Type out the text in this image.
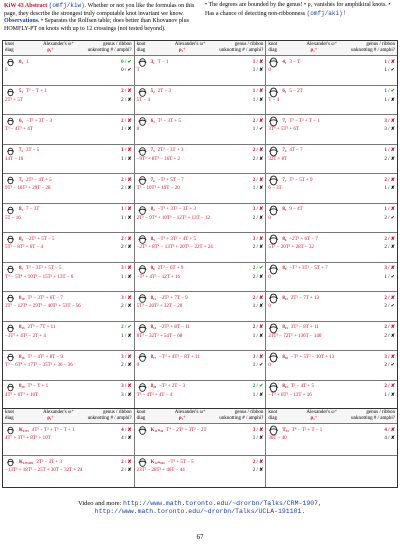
KiW 43 Abstract (omfj/kiw). Whether or not you like the formulas on this page, they describe the strongest truly computable knot invariant we know. Observations. • Separates the Rolfsen table; does better than Khovanov plus HOMFLY-PT on knots with up to 12 crossings (not tested beyond).
• The degrees are bounded by the genus! • ρ₁ vanishes for amphikiral knots. • Has a chance of detecting non-ribbonness (omfj/aki)!
knot	Alexander's ω⁺	genus / ribbon
diag	ρ₁⁺	unknotting # / amphi?
knot	Alexander's ω⁺	genus / ribbon
diag	ρ₁⁺	unknotting # / amphi?
knot	Alexander's ω⁺	genus / ribbon
diag	ρ₁⁺	unknotting # / amphi?
0₁ 1	0 / ✔
0	0 / ✔
3₁ T − 1	1 / ✘
T	1 / ✘
4₁ 3 − T	1 / ✘
0	1 / ✔
5₁ T² − T + 1	2 / ✘
2T³ + 5T	2 / ✘
5₂ 2T − 3	1 / ✘
5T − 4	1 / ✘
6₁ 5 − 2T	1 / ✔
T − 4	1 / ✘
6₂ −T² + 3T − 3	2 / ✘
T³ − 4T² + 4T	1 / ✘
6₃ T² − 3T + 5	2 / ✘
0	1 / ✔
7₁ T³ − T² + T − 1	3 / ✘
3T⁵ + 5T³ + 6T	3 / ✘
7₂ 3T − 5	1 / ✘
14T − 16	1 / ✘
7₃ 2T² − 3T + 3	2 / ✘
−9T³ + 8T² − 16T + 2	2 / ✘
7₄ 4T − 7	1 / ✘
32T + 8T	2 / ✘
7₅ 2T² − 4T + 5	2 / ✘
9T³ − 16T² + 29T − 28	2 / ✘
7₆ −T² + 5T − 7	2 / ✘
T³ − 10T² + 19T − 20	1 / ✘
7₇ T² − 5T + 9	2 / ✘
6 − 3T	1 / ✘
8₁ 7 − 3T	1 / ✘
5T − 16	1 / ✘
8₂ −T³ + 3T² − 3T + 3	3 / ✘
2T⁵ − 9T⁴ + 10T³ − 12T² + 13T − 12	2 / ✘
8₃ 9 − 4T	1 / ✘
0	2 / ✔
8₄ −2T² + 5T − 5	2 / ✘
5T³ − 8T² + 6T − 4	2 / ✘
8₅ −T³ + 3T² − 4T + 5	3 / ✘
−2T⁵ + 8T⁴ − 13T³ + 20T² − 22T + 24	2 / ✘
8₆ −2T² + 6T − 7	2 / ✘
5T³ − 20T² + 28T − 32	2 / ✘
8₇ T³ − 3T² + 5T − 5	3 / ✘
T⁵ − 5T⁴ + 10T³ − 15T² + 13T − 6	1 / ✘
8₈ 2T² − 6T + 9	2 / ✔
−T³ + 4T² − 12T + 16	2 / ✘
8₉ −T³ + 3T² − 5T + 7	3 / ✘
0	1 / ✔
8₁₀ T³ − 3T² + 6T − 7	3 / ✘
3T⁵ − 12T⁴ + 29T³ − 40T² + 53T − 56	2 / ✘
8₁₁ −2T² + 7T − 9	2 / ✘
5T³ − 20T² + 32T − 20	1 / ✘
8₁₂ 2T² − 7T + 13	2 / ✘
0	2 / ✔
8₁₃ 2T² − 7T + 11	2 / ✔
−3T³ + 4T² − 2T + 4	1 / ✘
8₁₄ −2T² + 8T − 11	2 / ✘
8T³ − 32T² + 54T − 68	1 / ✘
8₁₅ 3T² − 8T + 11	2 / ✘
21T³ − 72T² + 136T − 140	2 / ✘
8₁₆ T³ − 4T² + 8T − 9	3 / ✘
T⁵ − 6T⁴ + 17T³ − 35T² + 36 − 36	2 / ✘
8₁₇ −T³ + 4T² − 8T + 11	3 / ✘
0	1 / ✔
8₁₈ −T³ + 5T² − 10T + 13	3 / ✘
0	2 / ✔
8₁₉ T³ − T + 1	3 / ✘
4T⁵ + 6T³ + 10T	3 / ✘
8₂₀ −T² + 2T − 3	2 / ✔
T³ − 4T² + 4T − 4	1 / ✘
8₂₁ T² − 4T + 5	2 / ✘
−T³ + 6T² − 13T + 16	1 / ✘
knot	Alexander's ω⁺	genus / ribbon
diag	ρ₁⁺	unknotting # / amphi?
knot	Alexander's ω⁺	genus / ribbon
diag	ρ₁⁺	unknotting # / amphi?
knot	Alexander's ω⁺	genus / ribbon
diag	ρ₁⁺	unknotting # / amphi?
K₁₁ₐ₁ 4T³ − T² + T³ − T + 1	4 / ✘
4T⁷ + 3T⁵ + 8T³ + 10T	4 / ✘
K₁₁ₙ₃₄ T⁴ − 2T³ + 3T² − 2T	3 / ✘
1 / ✘
T₃₃ T⁴ − T³ + T − 1	4 / ✘
30T − 40	4 / ✘
K₁₂ₐ₁₂₀₂ 2T³ − 3T + 3	2 / ✘
−13T³ + 18T² − 25T + 30T − 32T + 24	2 / ✘
K₁₂ₙ₂₄₂ −T³ + 5T − 5	2 / ✘
23T³ − 28T² + 46T − 44	2 / ✘
Video and more: http://www.math.toronto.edu/~drorbn/Talks/CRM-1907,
http://www.math.toronto.edu/~drorbn/Talks/UCLA-191101.
67
